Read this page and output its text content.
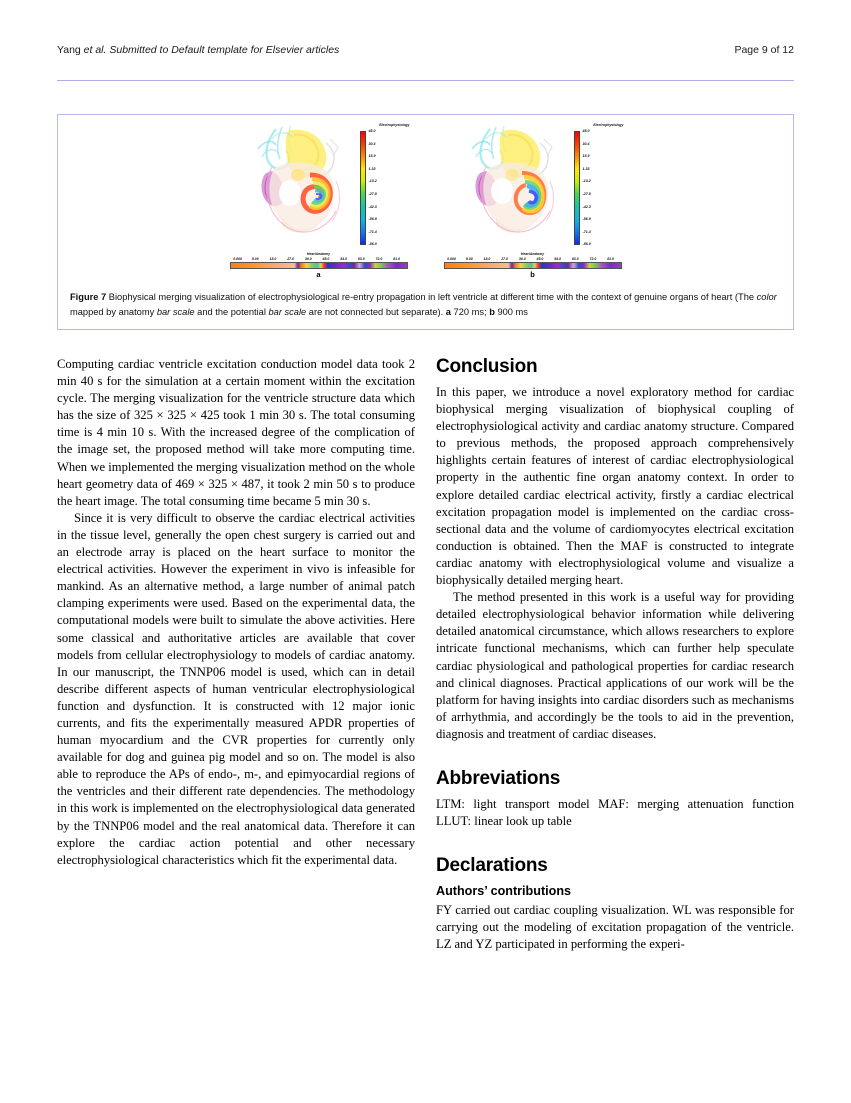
Yang et al. Submitted to Default template for Elsevier articles	Page 9 of 12
Electrophysiology
45.0
30.4
15.9
1.33
-13.2
-27.8
-42.3
-56.9
-71.4
-86.0
HeartAnatomy
0.000	9.00	18.0	27.0	36.0	45.0	54.0	63.0	72.0	81.0
a
Electrophysiology
45.0
30.4
15.9
1.33
-13.2
-27.8
-42.3
-56.9
-71.4
-86.0
HeartAnatomy
0.000	9.00	18.0	27.0	36.0	45.0	54.0	63.0	72.0	81.0
b
Figure 7 Biophysical merging visualization of electrophysiological re-entry propagation in left ventricle at different time with the context of genuine organs of heart (The color mapped by anatomy bar scale and the potential bar scale are not connected but separate). a 720 ms; b 900 ms

Computing cardiac ventricle excitation conduction model data took 2 min 40 s for the simulation at a certain moment within the excitation cycle. The merging visualization for the ventricle structure data which has the size of 325 × 325 × 425 took 1 min 30 s. The total consuming time is 4 min 10 s. With the increased degree of the complication of the image set, the proposed method will take more computing time. When we implemented the merging visualization method on the whole heart geometry data of 469 × 325 × 487, it took 2 min 50 s to produce the heart image. The total consuming time became 5 min 30 s.

Since it is very difficult to observe the cardiac electrical activities in the tissue level, generally the open chest surgery is carried out and an electrode array is placed on the heart surface to monitor the electrical activities. However the experiment in vivo is infeasible for mankind. As an alternative method, a large number of animal patch clamping experiments were used. Based on the experimental data, the computational models were built to simulate the above activities. Here some classical and authoritative articles are available that cover models from cellular electrophysiology to models of cardiac anatomy. In our manuscript, the TNNP06 model is used, which can in detail describe different aspects of human ventricular electrophysiological function and dysfunction. It is constructed with 12 major ionic currents, and fits the experimentally measured APDR properties of human myocardium and the CVR properties for currently only available for dog and guinea pig model and so on. The model is also able to reproduce the APs of endo-, m-, and epimyocardial regions of the ventricles and their different rate dependencies. The methodology in this work is implemented on the electrophysiological data generated by the TNNP06 model and the real anatomical data. Therefore it can explore the cardiac action potential and other necessary electrophysiological characteristics which fit the experimental data.

Conclusion

In this paper, we introduce a novel exploratory method for cardiac biophysical merging visualization of biophysical coupling of electrophysiological activity and cardiac anatomy structure. Compared to previous methods, the proposed approach comprehensively highlights certain features of interest of cardiac electrophysiological property in the authentic fine organ anatomy context. In order to explore detailed cardiac electrical activity, firstly a cardiac electrical excitation propagation model is implemented on the cardiac cross-sectional data and the volume of cardiomyocytes electrical excitation conduction is obtained. Then the MAF is constructed to integrate cardiac anatomy with electrophysiological volume and visualize a biophysically detailed merging heart.

The method presented in this work is a useful way for providing detailed electrophysiological behavior information while delivering detailed anatomical circumstance, which allows researchers to explore intricate functional mechanisms, which can further help speculate cardiac physiological and pathological properties for cardiac research and clinical diagnoses. Practical applications of our work will be the platform for having insights into cardiac disorders such as mechanisms of arrhythmia, and accordingly be the tools to aid in the prevention, diagnosis and treatment of cardiac diseases.

Abbreviations

LTM: light transport model MAF: merging attenuation function LLUT: linear look up table

Declarations
Authors’ contributions

FY carried out cardiac coupling visualization. WL was responsible for carrying out the modeling of excitation propagation of the ventricle. LZ and YZ participated in performing the experi-
